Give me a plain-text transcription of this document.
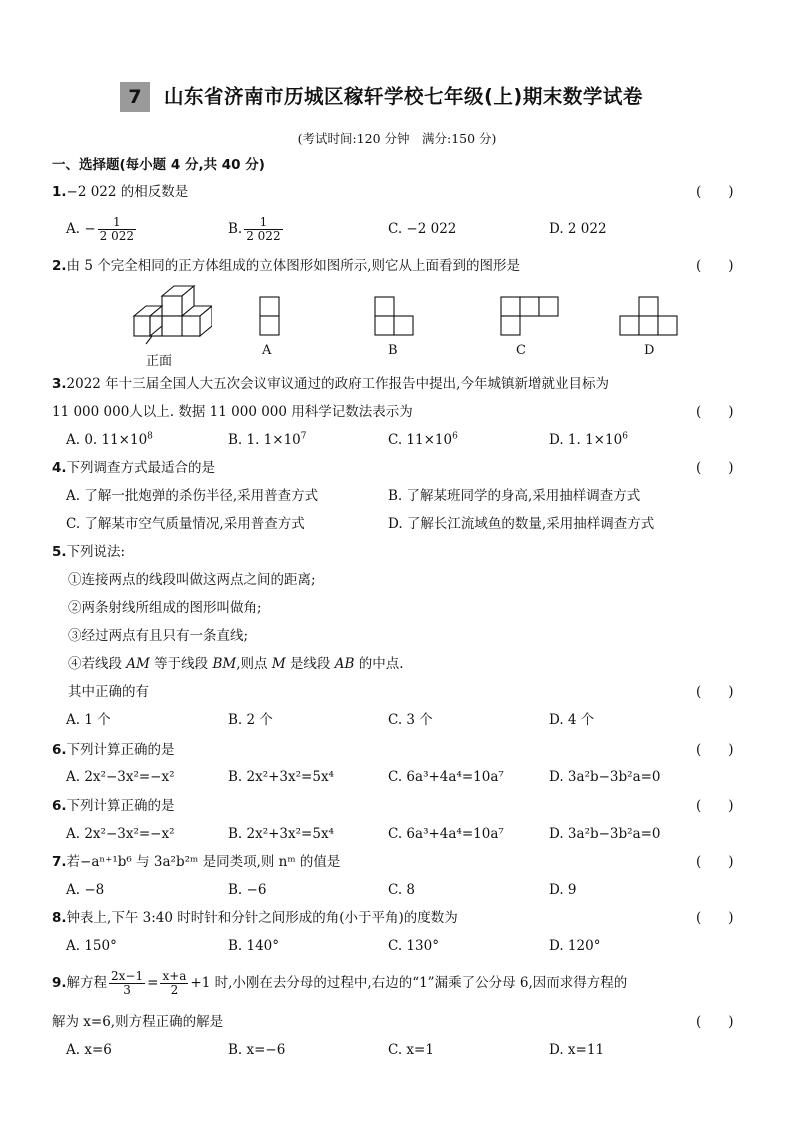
7	山东省济南市历城区稼轩学校七年级(上)期末数学试卷
(考试时间:120 分钟　满分:150 分)
一、选择题(每小题 4 分,共 40 分)
1.−2 022 的相反数是	(　　)
A. − $\frac{1}{2 022}$	B. $\frac{1}{2 022}$	C. −2 022	D. 2 022
2.由 5 个完全相同的正方体组成的立体图形如图所示,则它从上面看到的图形是	(　　)
正面
A	B	C	D
3.2022 年十三届全国人大五次会议审议通过的政府工作报告中提出,今年城镇新增就业目标为
11 000 000人以上. 数据 11 000 000 用科学记数法表示为	(　　)
A. 0. $11\times 10^8$	B. 1. $1\times 10^7$	C. $11\times 10^6$	D. 1. $1\times 10^6$
4.下列调查方式最适合的是	(　　)
A. 了解一批炮弹的杀伤半径,采用普查方式	B. 了解某班同学的身高,采用抽样调查方式
C. 了解某市空气质量情况,采用普查方式	D. 了解长江流域鱼的数量,采用抽样调查方式
5.下列说法:
①连接两点的线段叫做这两点之间的距离;
②两条射线所组成的图形叫做角;
③经过两点有且只有一条直线;
④若线段 AM 等于线段 BM,则点 M 是线段 AB 的中点.
其中正确的有	(　　)
A. 1 个	B. 2 个	C. 3 个	D. 4 个
6.下列计算正确的是	(　　)
A. 2x²−3x²=−x²	B. 2x²+3x²=5x⁴	C. 6a³+4a⁴=10a⁷	D. 3a²b−3b²a=0
6.下列计算正确的是	(　　)
A. 2x²−3x²=−x²	B. 2x²+3x²=5x⁴	C. 6a³+4a⁴=10a⁷	D. 3a²b−3b²a=0
7.若−aⁿ⁺¹b⁶ 与 3a²b²ᵐ 是同类项,则 nᵐ 的值是	(　　)
A. −8	B. −6	C. 8	D. 9
8.钟表上,下午 3:40 时时针和分针之间形成的角(小于平角)的度数为	(　　)
A. 150°	B. 140°	C. 130°	D. 120°
9.解方程 $\frac{2x-1}{3} = \frac{x+a}{2} +1$ 时,小刚在去分母的过程中,右边的“1”漏乘了公分母 6,因而求得方程的
解为 x=6,则方程正确的解是	(　　)
A. x=6	B. x=−6	C. x=1	D. x=11
